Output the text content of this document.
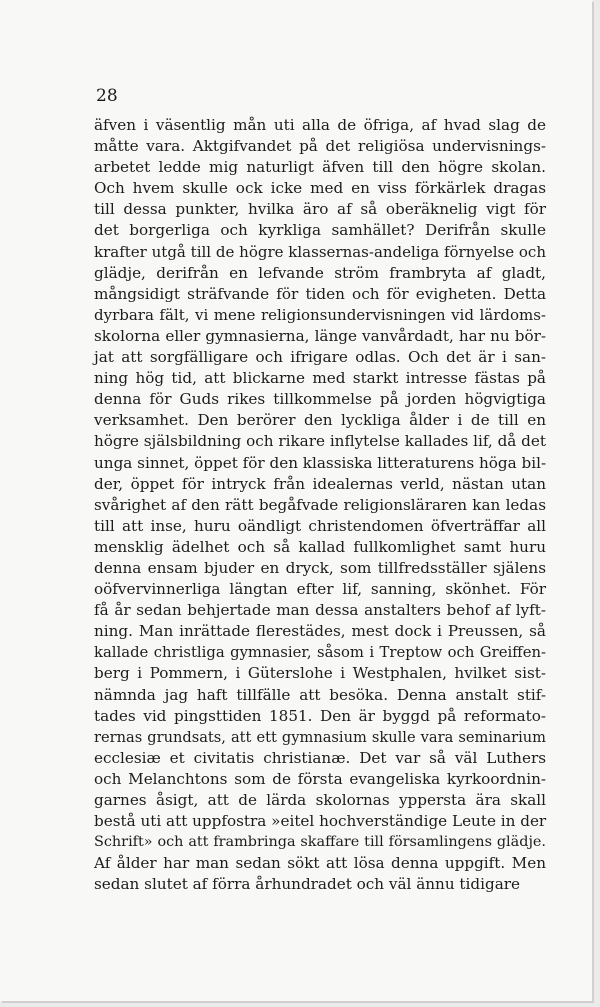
28

äfven i väsentlig mån uti alla de öfriga, af hvad slag de
måtte vara. Aktgifvandet på det religiösa undervisnings-
arbetet ledde mig naturligt äfven till den högre skolan.
Och hvem skulle ock icke med en viss förkärlek dragas
till dessa punkter, hvilka äro af så oberäknelig vigt för
det borgerliga och kyrkliga samhället? Derifrån skulle
krafter utgå till de högre klassernas-andeliga förnyelse och
glädje, derifrån en lefvande ström frambryta af gladt,
mångsidigt sträfvande för tiden och för evigheten. Detta
dyrbara fält, vi mene religionsundervisningen vid lärdoms-
skolorna eller gymnasierna, länge vanvårdadt, har nu bör-
jat att sorgfälligare och ifrigare odlas. Och det är i san-
ning hög tid, att blickarne med starkt intresse fästas på
denna för Guds rikes tillkommelse på jorden högvigtiga
verksamhet. Den berörer den lyckliga ålder i de till en
högre själsbildning och rikare inflytelse kallades lif, då det
unga sinnet, öppet för den klassiska litteraturens höga bil-
der, öppet för intryck från idealernas verld, nästan utan
svårighet af den rätt begåfvade religionsläraren kan ledas
till att inse, huru oändligt christendomen öfverträffar all
mensklig ädelhet och så kallad fullkomlighet samt huru
denna ensam bjuder en dryck, som tillfredsställer själens
oöfvervinnerliga längtan efter lif, sanning, skönhet. För
få år sedan behjertade man dessa anstalters behof af lyft-
ning. Man inrättade flerestädes, mest dock i Preussen, så
kallade christliga gymnasier, såsom i Treptow och Greiffen-
berg i Pommern, i Güterslohe i Westphalen, hvilket sist-
nämnda jag haft tillfälle att besöka. Denna anstalt stif-
tades vid pingsttiden 1851. Den är byggd på reformato-
rernas grundsats, att ett gymnasium skulle vara seminarium
ecclesiæ et civitatis christianæ. Det var så väl Luthers
och Melanchtons som de första evangeliska kyrkoordnin-
garnes åsigt, att de lärda skolornas yppersta ära skall
bestå uti att uppfostra »eitel hochverständige Leute in der
Schrift» och att frambringa skaffare till församlingens glädje.
Af ålder har man sedan sökt att lösa denna uppgift. Men
sedan slutet af förra århundradet och väl ännu tidigare
